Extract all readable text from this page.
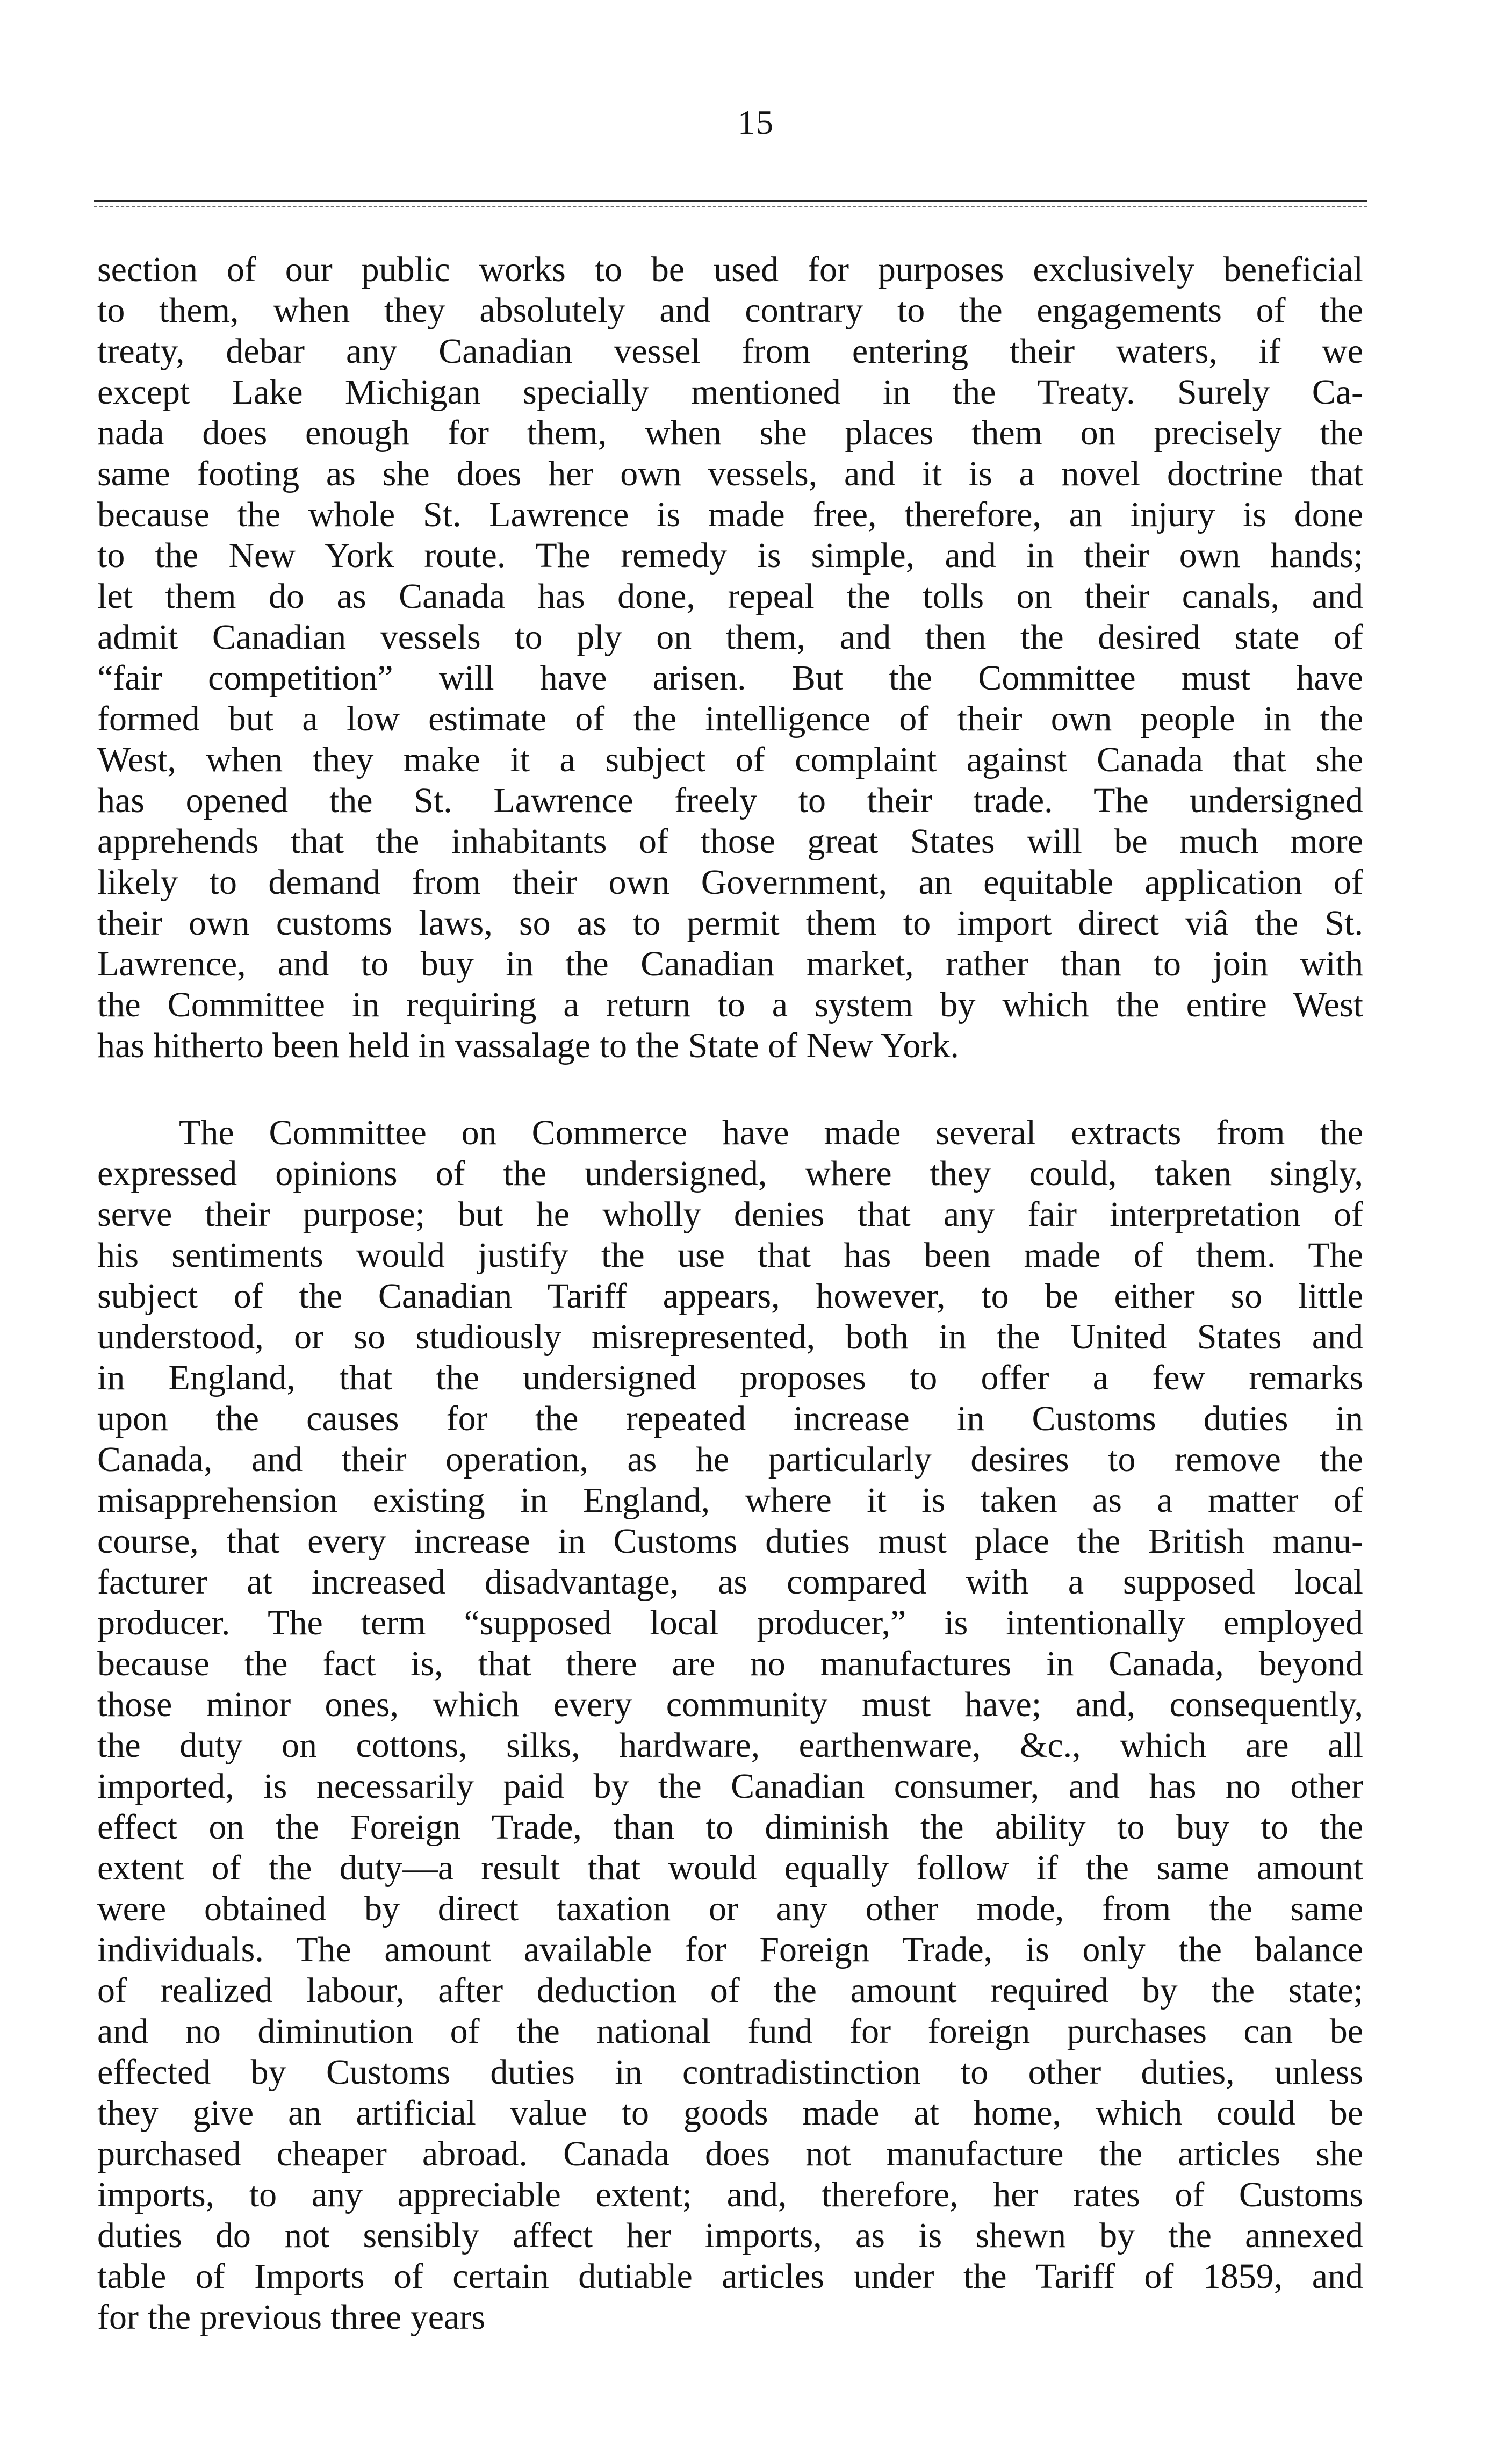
15
section of our public works to be used for purposes exclusively beneficial
to them, when they absolutely and contrary to the engagements of the
treaty, debar any Canadian vessel from entering their waters, if we
except Lake Michigan specially mentioned in the Treaty. Surely Ca-
nada does enough for them, when she places them on precisely the
same footing as she does her own vessels, and it is a novel doctrine that
because the whole St. Lawrence is made free, therefore, an injury is done
to the New York route. The remedy is simple, and in their own hands;
let them do as Canada has done, repeal the tolls on their canals, and
admit Canadian vessels to ply on them, and then the desired state of
“fair competition” will have arisen. But the Committee must have
formed but a low estimate of the intelligence of their own people in the
West, when they make it a subject of complaint against Canada that she
has opened the St. Lawrence freely to their trade. The undersigned
apprehends that the inhabitants of those great States will be much more
likely to demand from their own Government, an equitable application of
their own customs laws, so as to permit them to import direct viâ the St.
Lawrence, and to buy in the Canadian market, rather than to join with
the Committee in requiring a return to a system by which the entire West
has hitherto been held in vassalage to the State of New York.
The Committee on Commerce have made several extracts from the
expressed opinions of the undersigned, where they could, taken singly,
serve their purpose; but he wholly denies that any fair interpretation of
his sentiments would justify the use that has been made of them. The
subject of the Canadian Tariff appears, however, to be either so little
understood, or so studiously misrepresented, both in the United States and
in England, that the undersigned proposes to offer a few remarks
upon the causes for the repeated increase in Customs duties in
Canada, and their operation, as he particularly desires to remove the
misapprehension existing in England, where it is taken as a matter of
course, that every increase in Customs duties must place the British manu-
facturer at increased disadvantage, as compared with a supposed local
producer. The term “supposed local producer,” is intentionally employed
because the fact is, that there are no manufactures in Canada, beyond
those minor ones, which every community must have; and, consequently,
the duty on cottons, silks, hardware, earthenware, &c., which are all
imported, is necessarily paid by the Canadian consumer, and has no other
effect on the Foreign Trade, than to diminish the ability to buy to the
extent of the duty—a result that would equally follow if the same amount
were obtained by direct taxation or any other mode, from the same
individuals. The amount available for Foreign Trade, is only the balance
of realized labour, after deduction of the amount required by the state;
and no diminution of the national fund for foreign purchases can be
effected by Customs duties in contradistinction to other duties, unless
they give an artificial value to goods made at home, which could be
purchased cheaper abroad. Canada does not manufacture the articles she
imports, to any appreciable extent; and, therefore, her rates of Customs
duties do not sensibly affect her imports, as is shewn by the annexed
table of Imports of certain dutiable articles under the Tariff of 1859, and
for the previous three years
